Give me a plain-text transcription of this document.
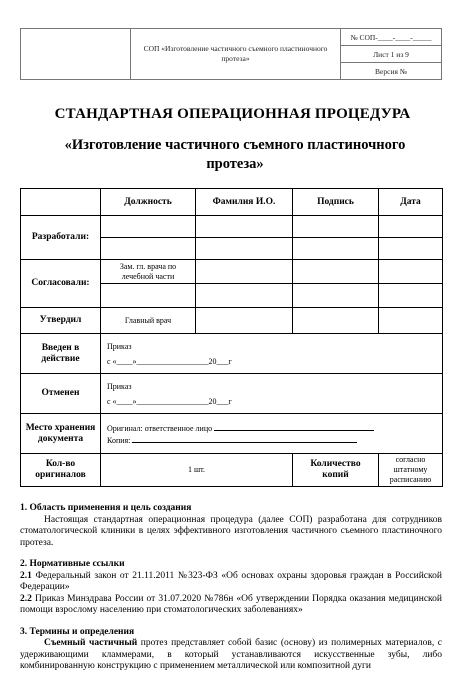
СОП «Изготовление частичного съемного пластиночного протеза»
№ СОП-____-____-_____
Лист 1 из 9
Версия №
СТАНДАРТНАЯ ОПЕРАЦИОННАЯ ПРОЦЕДУРА
«Изготовление частичного съемного пластиночного протеза»
	Должность	Фамилия И.О.	Подпись	Дата
Разработали:				

Согласовали:	Зам. гл. врача по лечебной части			

Утвердил	Главный врач			
Введен в действие	Приказ
с «____»__________________20___г			

Отменен	Приказ
с «____»__________________20___г			

Место хранения документа	Оригинал: ответственное лицо
Копия:			

Кол-во оригиналов	1 шт.		Количество копий	согласно штатному расписанию
1. Область применения и цель создания

Настоящая стандартная операционная процедура (далее СОП) разработана для сотрудников стоматологической клиники в целях эффективного изготовления частичного съемного пластиночного протеза.

2. Нормативные ссылки

2.1 Федеральный закон от 21.11.2011 №323-ФЗ «Об основах охраны здоровья граждан в Российской Федерации»

2.2 Приказ Минздрава России от 31.07.2020 №786н «Об утверждении Порядка оказания медицинской помощи взрослому населению при стоматологических заболеваниях»

3. Термины и определения

Съемный частичный протез представляет собой базис (основу) из полимерных материалов, с удерживающими кламмерами, в который устанавливаются искусственные зубы, либо комбинированную конструкцию с применением металлической или композитной дуги
